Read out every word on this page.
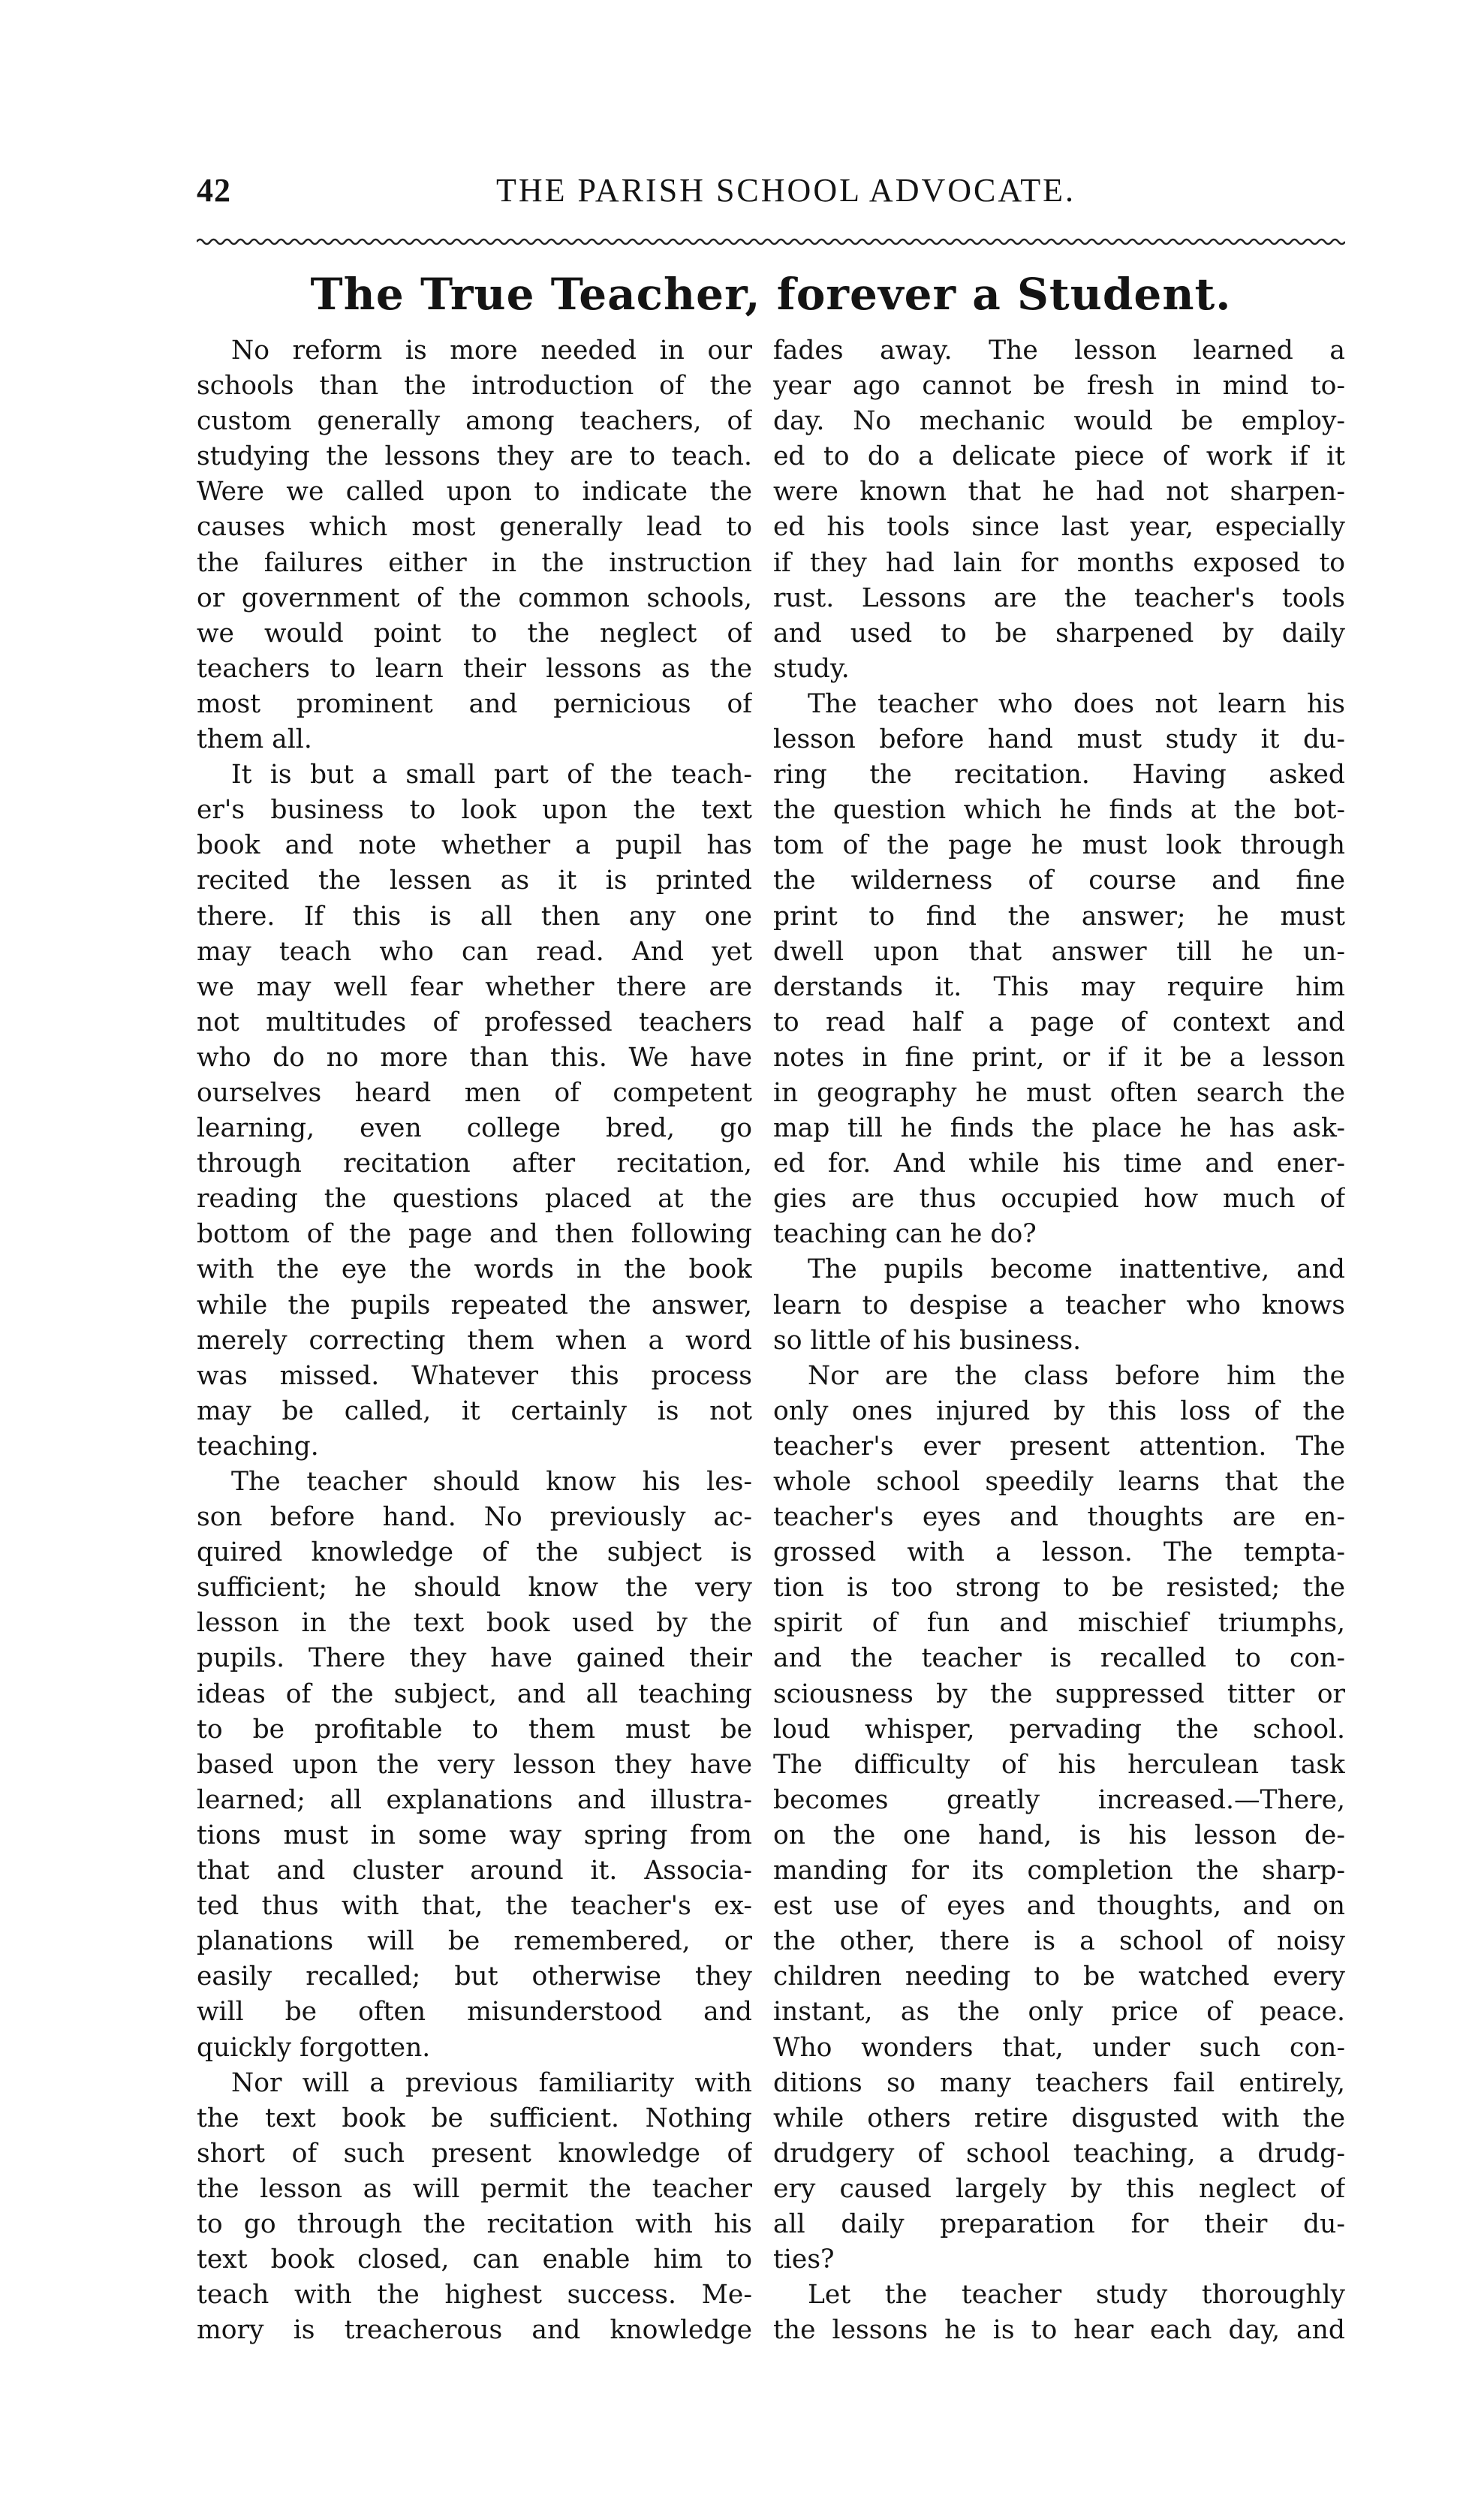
42	THE PARISH SCHOOL ADVOCATE.
The True Teacher, forever a Student.
No reform is more needed in our
schools than the introduction of the
custom generally among teachers, of
studying the lessons they are to teach.
Were we called upon to indicate the
causes which most generally lead to
the failures either in the instruction
or government of the common schools,
we would point to the neglect of
teachers to learn their lessons as the
most prominent and pernicious of
them all.
It is but a small part of the teach-
er's business to look upon the text
book and note whether a pupil has
recited the lessen as it is printed
there. If this is all then any one
may teach who can read. And yet
we may well fear whether there are
not multitudes of professed teachers
who do no more than this. We have
ourselves heard men of competent
learning, even college bred, go
through recitation after recitation,
reading the questions placed at the
bottom of the page and then following
with the eye the words in the book
while the pupils repeated the answer,
merely correcting them when a word
was missed. Whatever this process
may be called, it certainly is not
teaching.
The teacher should know his les-
son before hand. No previously ac-
quired knowledge of the subject is
sufficient; he should know the very
lesson in the text book used by the
pupils. There they have gained their
ideas of the subject, and all teaching
to be profitable to them must be
based upon the very lesson they have
learned; all explanations and illustra-
tions must in some way spring from
that and cluster around it. Associa-
ted thus with that, the teacher's ex-
planations will be remembered, or
easily recalled; but otherwise they
will be often misunderstood and
quickly forgotten.
Nor will a previous familiarity with
the text book be sufficient. Nothing
short of such present knowledge of
the lesson as will permit the teacher
to go through the recitation with his
text book closed, can enable him to
teach with the highest success. Me-
mory is treacherous and knowledge
fades away. The lesson learned a
year ago cannot be fresh in mind to-
day. No mechanic would be employ-
ed to do a delicate piece of work if it
were known that he had not sharpen-
ed his tools since last year, especially
if they had lain for months exposed to
rust. Lessons are the teacher's tools
and used to be sharpened by daily
study.
The teacher who does not learn his
lesson before hand must study it du-
ring the recitation. Having asked
the question which he finds at the bot-
tom of the page he must look through
the wilderness of course and fine
print to find the answer; he must
dwell upon that answer till he un-
derstands it. This may require him
to read half a page of context and
notes in fine print, or if it be a lesson
in geography he must often search the
map till he finds the place he has ask-
ed for. And while his time and ener-
gies are thus occupied how much of
teaching can he do?
The pupils become inattentive, and
learn to despise a teacher who knows
so little of his business.
Nor are the class before him the
only ones injured by this loss of the
teacher's ever present attention. The
whole school speedily learns that the
teacher's eyes and thoughts are en-
grossed with a lesson. The tempta-
tion is too strong to be resisted; the
spirit of fun and mischief triumphs,
and the teacher is recalled to con-
sciousness by the suppressed titter or
loud whisper, pervading the school.
The difficulty of his herculean task
becomes greatly increased.—There,
on the one hand, is his lesson de-
manding for its completion the sharp-
est use of eyes and thoughts, and on
the other, there is a school of noisy
children needing to be watched every
instant, as the only price of peace.
Who wonders that, under such con-
ditions so many teachers fail entirely,
while others retire disgusted with the
drudgery of school teaching, a drudg-
ery caused largely by this neglect of
all daily preparation for their du-
ties?
Let the teacher study thoroughly
the lessons he is to hear each day, and
